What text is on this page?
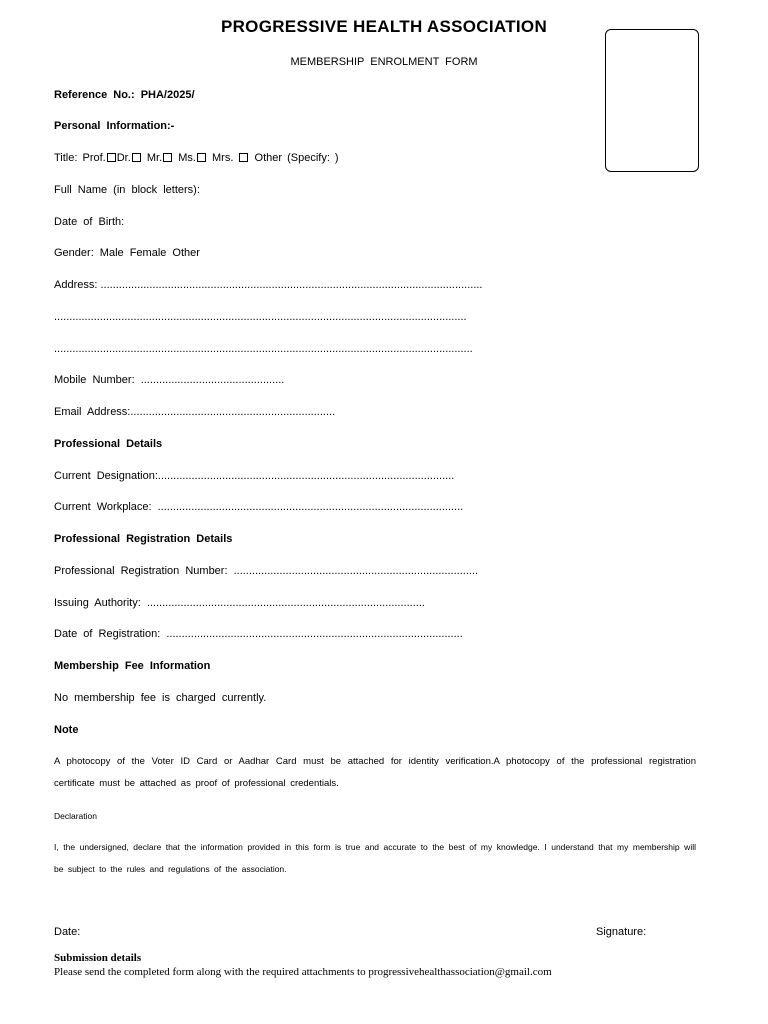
PROGRESSIVE HEALTH ASSOCIATION
MEMBERSHIP ENROLMENT FORM
Reference No.: PHA/2025/
Personal Information:-
Title: Prof. Dr. Mr. Ms. Mrs. Other (Specify: )
Full Name (in block letters):
Date of Birth:
Gender: Male Female Other
Address: .............................................................................................................................
.......................................................................................................................................
.........................................................................................................................................
Mobile Number: ...............................................
Email Address:...................................................................
Professional Details
Current Designation:.................................................................................................
Current Workplace: ....................................................................................................
Professional Registration Details
Professional Registration Number: ................................................................................
Issuing Authority: ...........................................................................................
Date of Registration: .................................................................................................
Membership Fee Information
No membership fee is charged currently.
Note
A photocopy of the Voter ID Card or Aadhar Card must be attached for identity verification.A photocopy of the professional registration certificate must be attached as proof of professional credentials.
Declaration
I, the undersigned, declare that the information provided in this form is true and accurate to the best of my knowledge. I understand that my membership will be subject to the rules and regulations of the association.
Date:	Signature:
Submission details
Please send the completed form along with the required attachments to progressivehealthassociation@gmail.com
